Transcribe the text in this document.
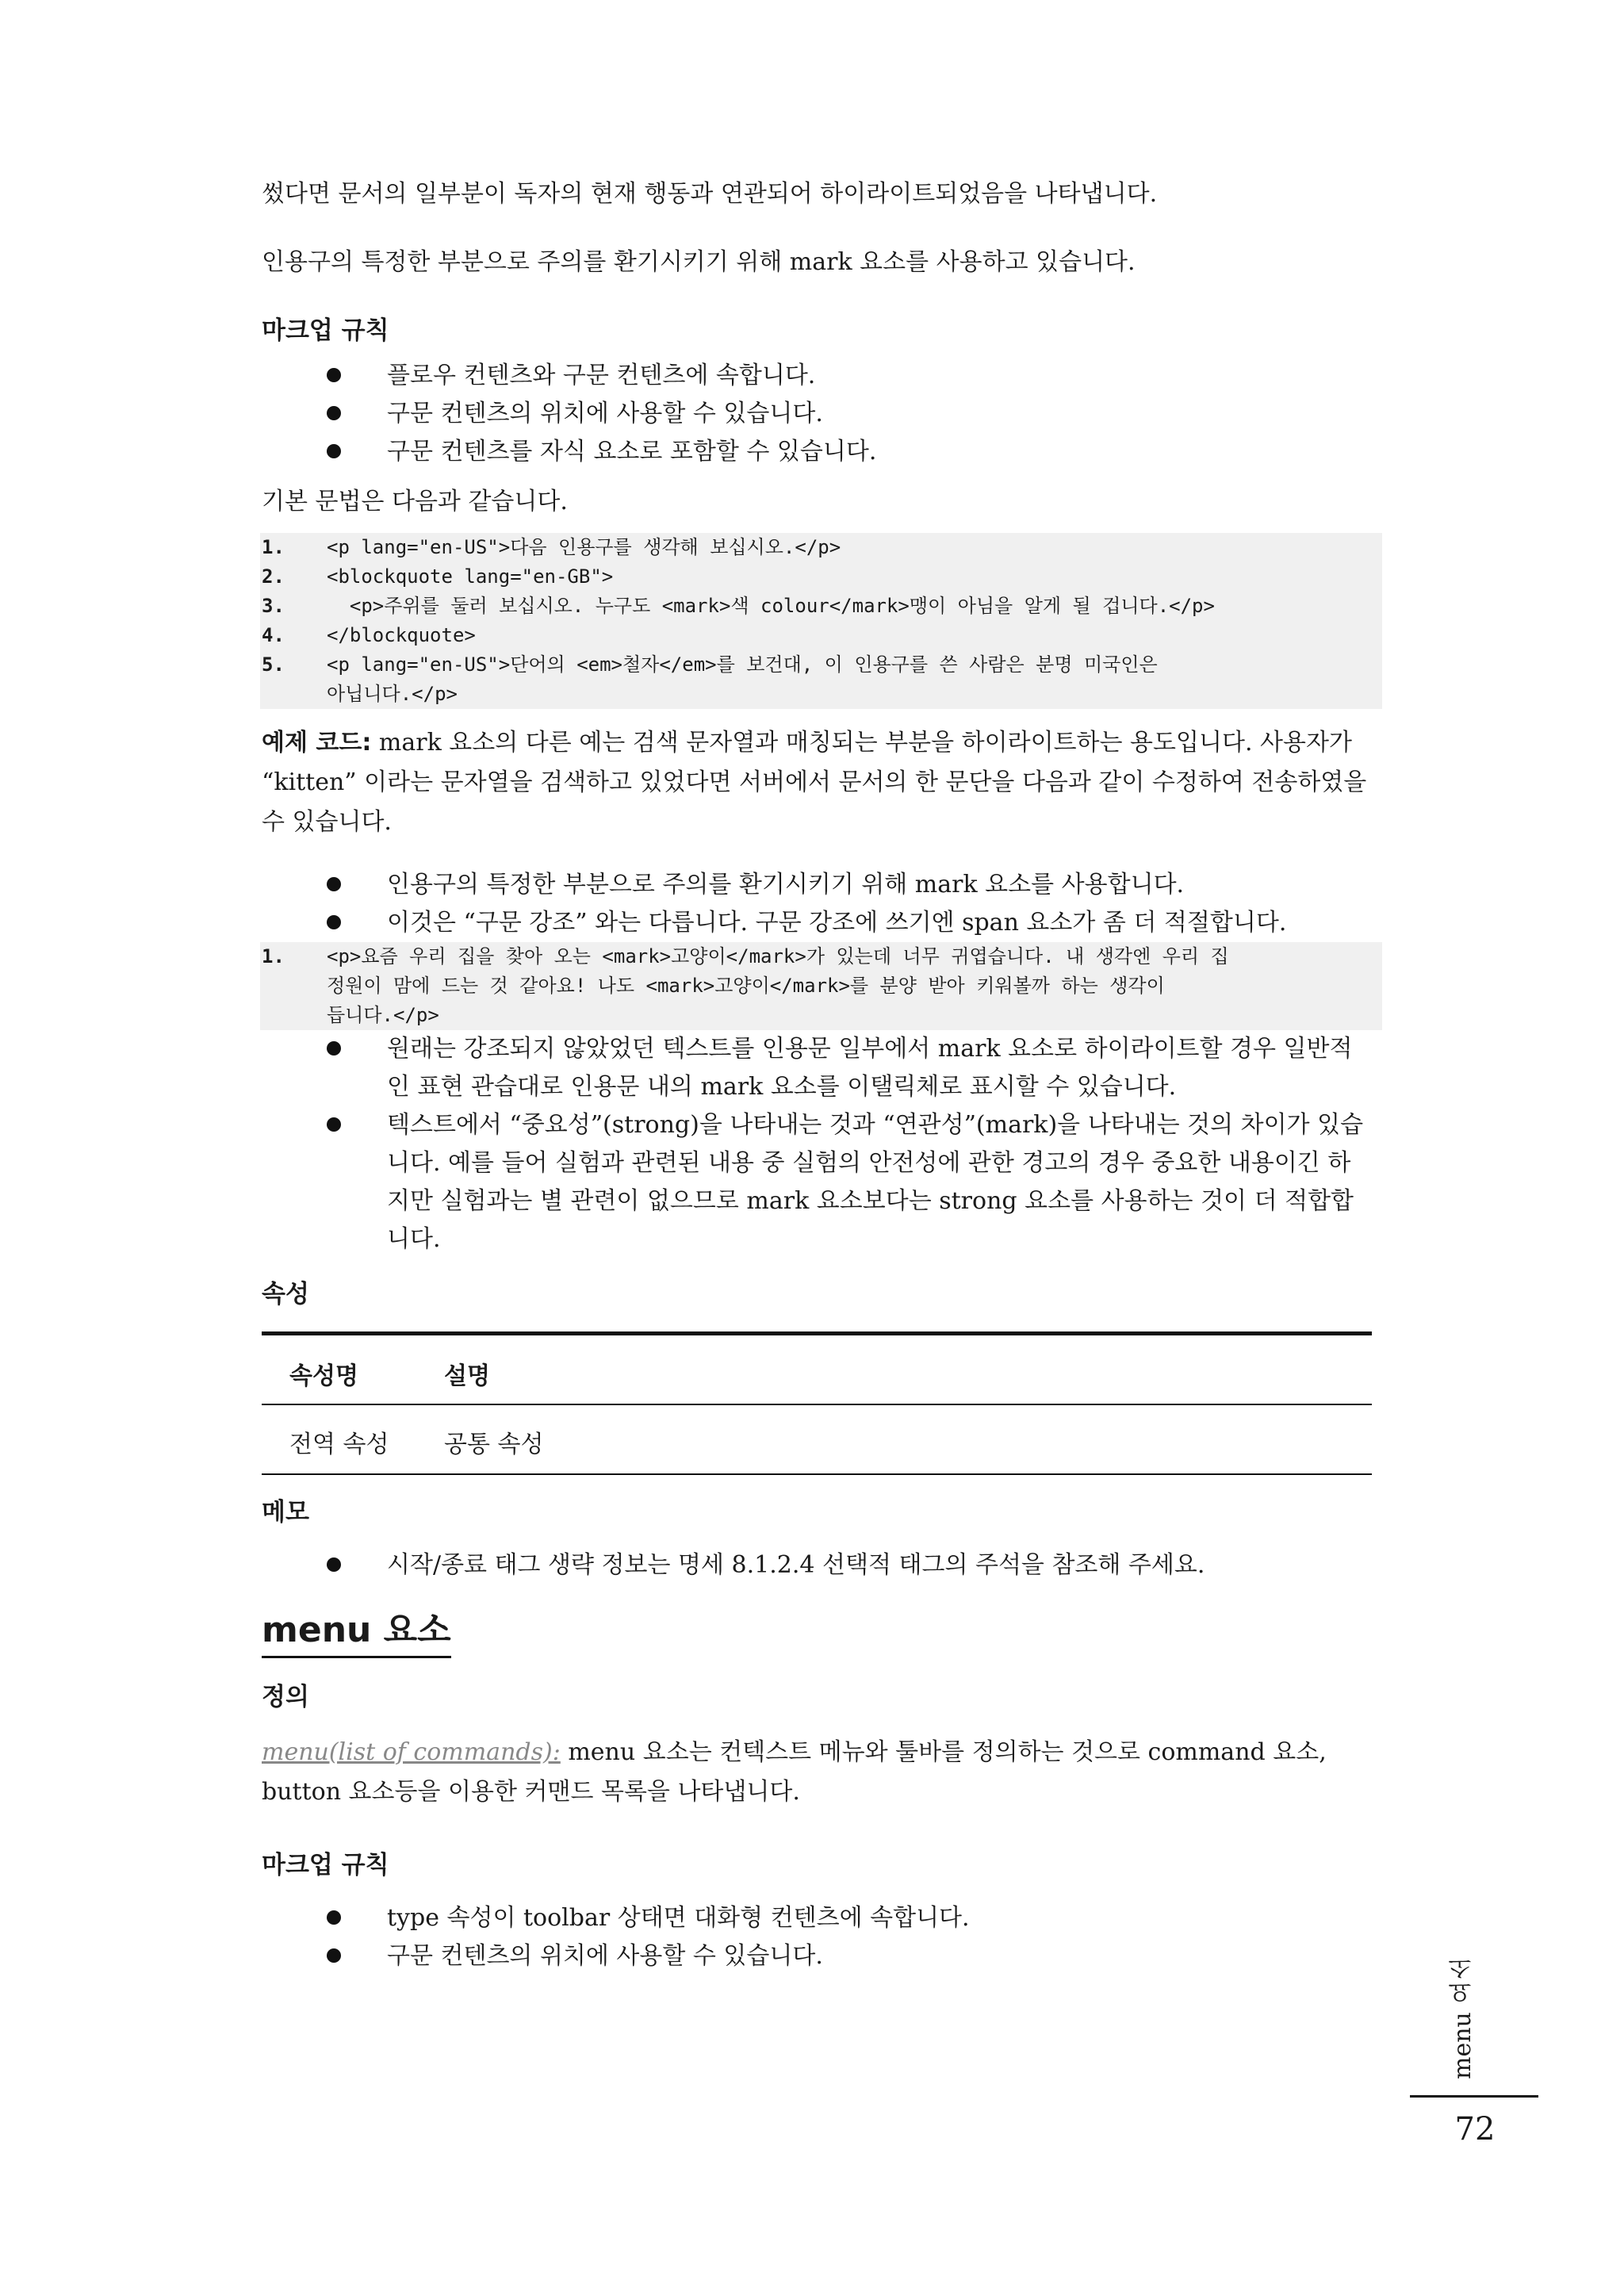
썼다면 문서의 일부분이 독자의 현재 행동과 연관되어 하이라이트되었음을 나타냅니다.

인용구의 특정한 부분으로 주의를 환기시키기 위해 mark 요소를 사용하고 있습니다.

마크업 규칙
플로우 컨텐츠와 구문 컨텐츠에 속합니다.
구문 컨텐츠의 위치에 사용할 수 있습니다.
구문 컨텐츠를 자식 요소로 포함할 수 있습니다.

기본 문법은 다음과 같습니다.

1.	<p lang="en-US">다음 인용구를 생각해 보십시오.</p>
2.	<blockquote lang="en-GB">
3.	<p>주위를 둘러 보십시오. 누구도 <mark>색 colour</mark>맹이 아님을 알게 될 겁니다.</p>
4.	</blockquote>
5.	<p lang="en-US">단어의 <em>철자</em>를 보건대, 이 인용구를 쓴 사람은 분명 미국인은
아닙니다.</p>

예제 코드: mark 요소의 다른 예는 검색 문자열과 매칭되는 부분을 하이라이트하는 용도입니다. 사용자가 “kitten” 이라는 문자열을 검색하고 있었다면 서버에서 문서의 한 문단을 다음과 같이 수정하여 전송하였을 수 있습니다.

인용구의 특정한 부분으로 주의를 환기시키기 위해 mark 요소를 사용합니다.
이것은 “구문 강조” 와는 다릅니다. 구문 강조에 쓰기엔 span 요소가 좀 더 적절합니다.
1.	<p>요즘 우리 집을 찾아 오는 <mark>고양이</mark>가 있는데 너무 귀엽습니다. 내 생각엔 우리 집
정원이 맘에 드는 것 같아요! 나도 <mark>고양이</mark>를 분양 받아 키워볼까 하는 생각이
듭니다.</p>
원래는 강조되지 않았었던 텍스트를 인용문 일부에서 mark 요소로 하이라이트할 경우 일반적인 표현 관습대로 인용문 내의 mark 요소를 이탤릭체로 표시할 수 있습니다.
텍스트에서 “중요성”(strong)을 나타내는 것과 “연관성”(mark)을 나타내는 것의 차이가 있습니다. 예를 들어 실험과 관련된 내용 중 실험의 안전성에 관한 경고의 경우 중요한 내용이긴 하지만 실험과는 별 관련이 없으므로 mark 요소보다는 strong 요소를 사용하는 것이 더 적합합니다.
속성
속성명	설명
전역 속성	공통 속성
메모
시작/종료 태그 생략 정보는 명세 8.1.2.4 선택적 태그의 주석을 참조해 주세요.
menu 요소
정의

menu(list of commands): menu 요소는 컨텍스트 메뉴와 툴바를 정의하는 것으로 command 요소, button 요소등을 이용한 커맨드 목록을 나타냅니다.

마크업 규칙
type 속성이 toolbar 상태면 대화형 컨텐츠에 속합니다.
구문 컨텐츠의 위치에 사용할 수 있습니다.
menu 요소
72
